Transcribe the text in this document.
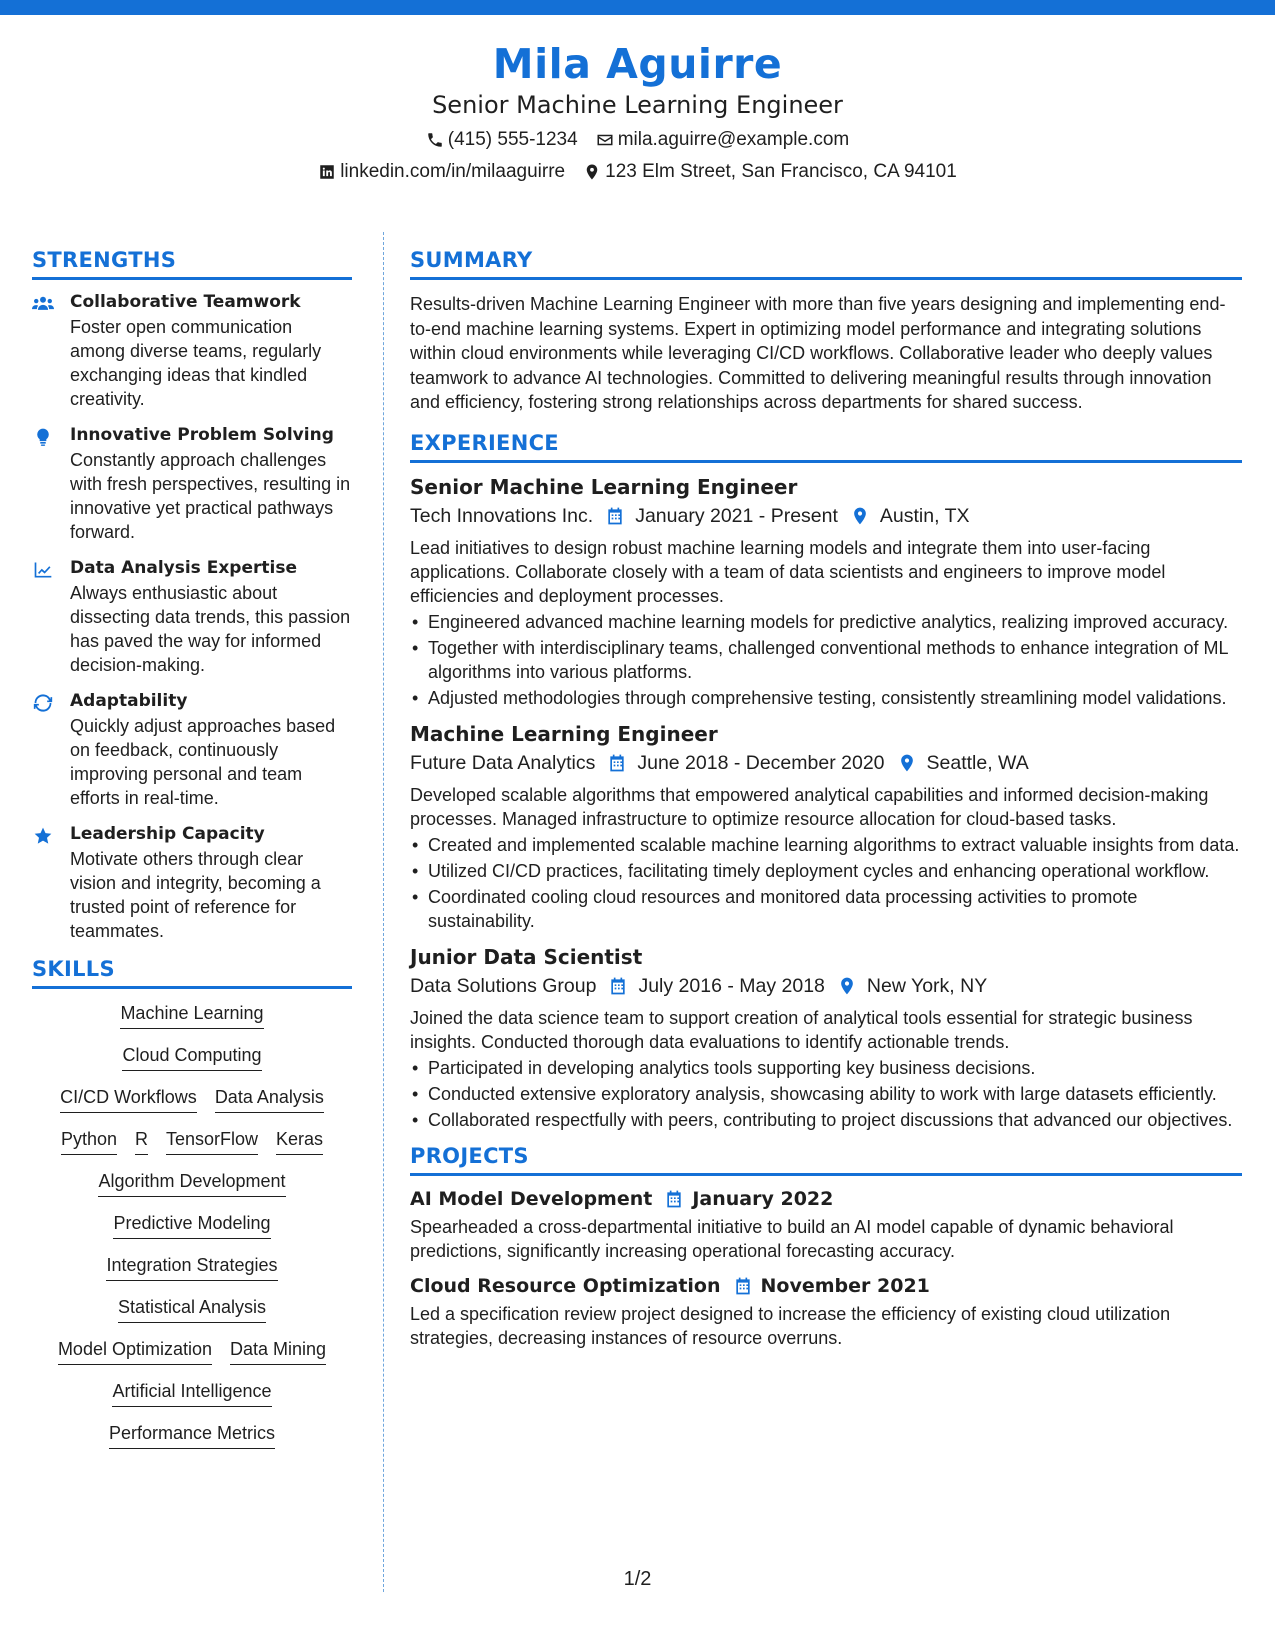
Mila Aguirre
Senior Machine Learning Engineer
(415) 555-1234 mila.aguirre@example.com
linkedin.com/in/milaaguirre 123 Elm Street, San Francisco, CA 94101
STRENGTHS
Collaborative Teamwork
Foster open communication among diverse teams, regularly exchanging ideas that kindled creativity.
Innovative Problem Solving
Constantly approach challenges with fresh perspectives, resulting in innovative yet practical pathways forward.
Data Analysis Expertise
Always enthusiastic about dissecting data trends, this passion has paved the way for informed decision-making.
Adaptability
Quickly adjust approaches based on feedback, continuously improving personal and team efforts in real-time.
Leadership Capacity
Motivate others through clear vision and integrity, becoming a trusted point of reference for teammates.
SKILLS
Machine Learning
Cloud Computing
CI/CD Workflows Data Analysis
Python R TensorFlow Keras
Algorithm Development
Predictive Modeling
Integration Strategies
Statistical Analysis
Model Optimization Data Mining
Artificial Intelligence
Performance Metrics
SUMMARY

Results-driven Machine Learning Engineer with more than five years designing and implementing end-to-end machine learning systems. Expert in optimizing model performance and integrating solutions within cloud environments while leveraging CI/CD workflows. Collaborative leader who deeply values teamwork to advance AI technologies. Committed to delivering meaningful results through innovation and efficiency, fostering strong relationships across departments for shared success.

EXPERIENCE
Senior Machine Learning Engineer
Tech Innovations Inc. January 2021 - Present Austin, TX

Lead initiatives to design robust machine learning models and integrate them into user-facing applications. Collaborate closely with a team of data scientists and engineers to improve model efficiencies and deployment processes.

• Engineered advanced machine learning models for predictive analytics, realizing improved accuracy.
• Together with interdisciplinary teams, challenged conventional methods to enhance integration of ML algorithms into various platforms.
• Adjusted methodologies through comprehensive testing, consistently streamlining model validations.
Machine Learning Engineer
Future Data Analytics June 2018 - December 2020 Seattle, WA

Developed scalable algorithms that empowered analytical capabilities and informed decision-making processes. Managed infrastructure to optimize resource allocation for cloud-based tasks.

• Created and implemented scalable machine learning algorithms to extract valuable insights from data.
• Utilized CI/CD practices, facilitating timely deployment cycles and enhancing operational workflow.
• Coordinated cooling cloud resources and monitored data processing activities to promote sustainability.
Junior Data Scientist
Data Solutions Group July 2016 - May 2018 New York, NY

Joined the data science team to support creation of analytical tools essential for strategic business insights. Conducted thorough data evaluations to identify actionable trends.

• Participated in developing analytics tools supporting key business decisions.
• Conducted extensive exploratory analysis, showcasing ability to work with large datasets efficiently.
• Collaborated respectfully with peers, contributing to project discussions that advanced our objectives.
PROJECTS
AI Model Development January 2022

Spearheaded a cross-departmental initiative to build an AI model capable of dynamic behavioral predictions, significantly increasing operational forecasting accuracy.

Cloud Resource Optimization November 2021

Led a specification review project designed to increase the efficiency of existing cloud utilization strategies, decreasing instances of resource overruns.

1/2
